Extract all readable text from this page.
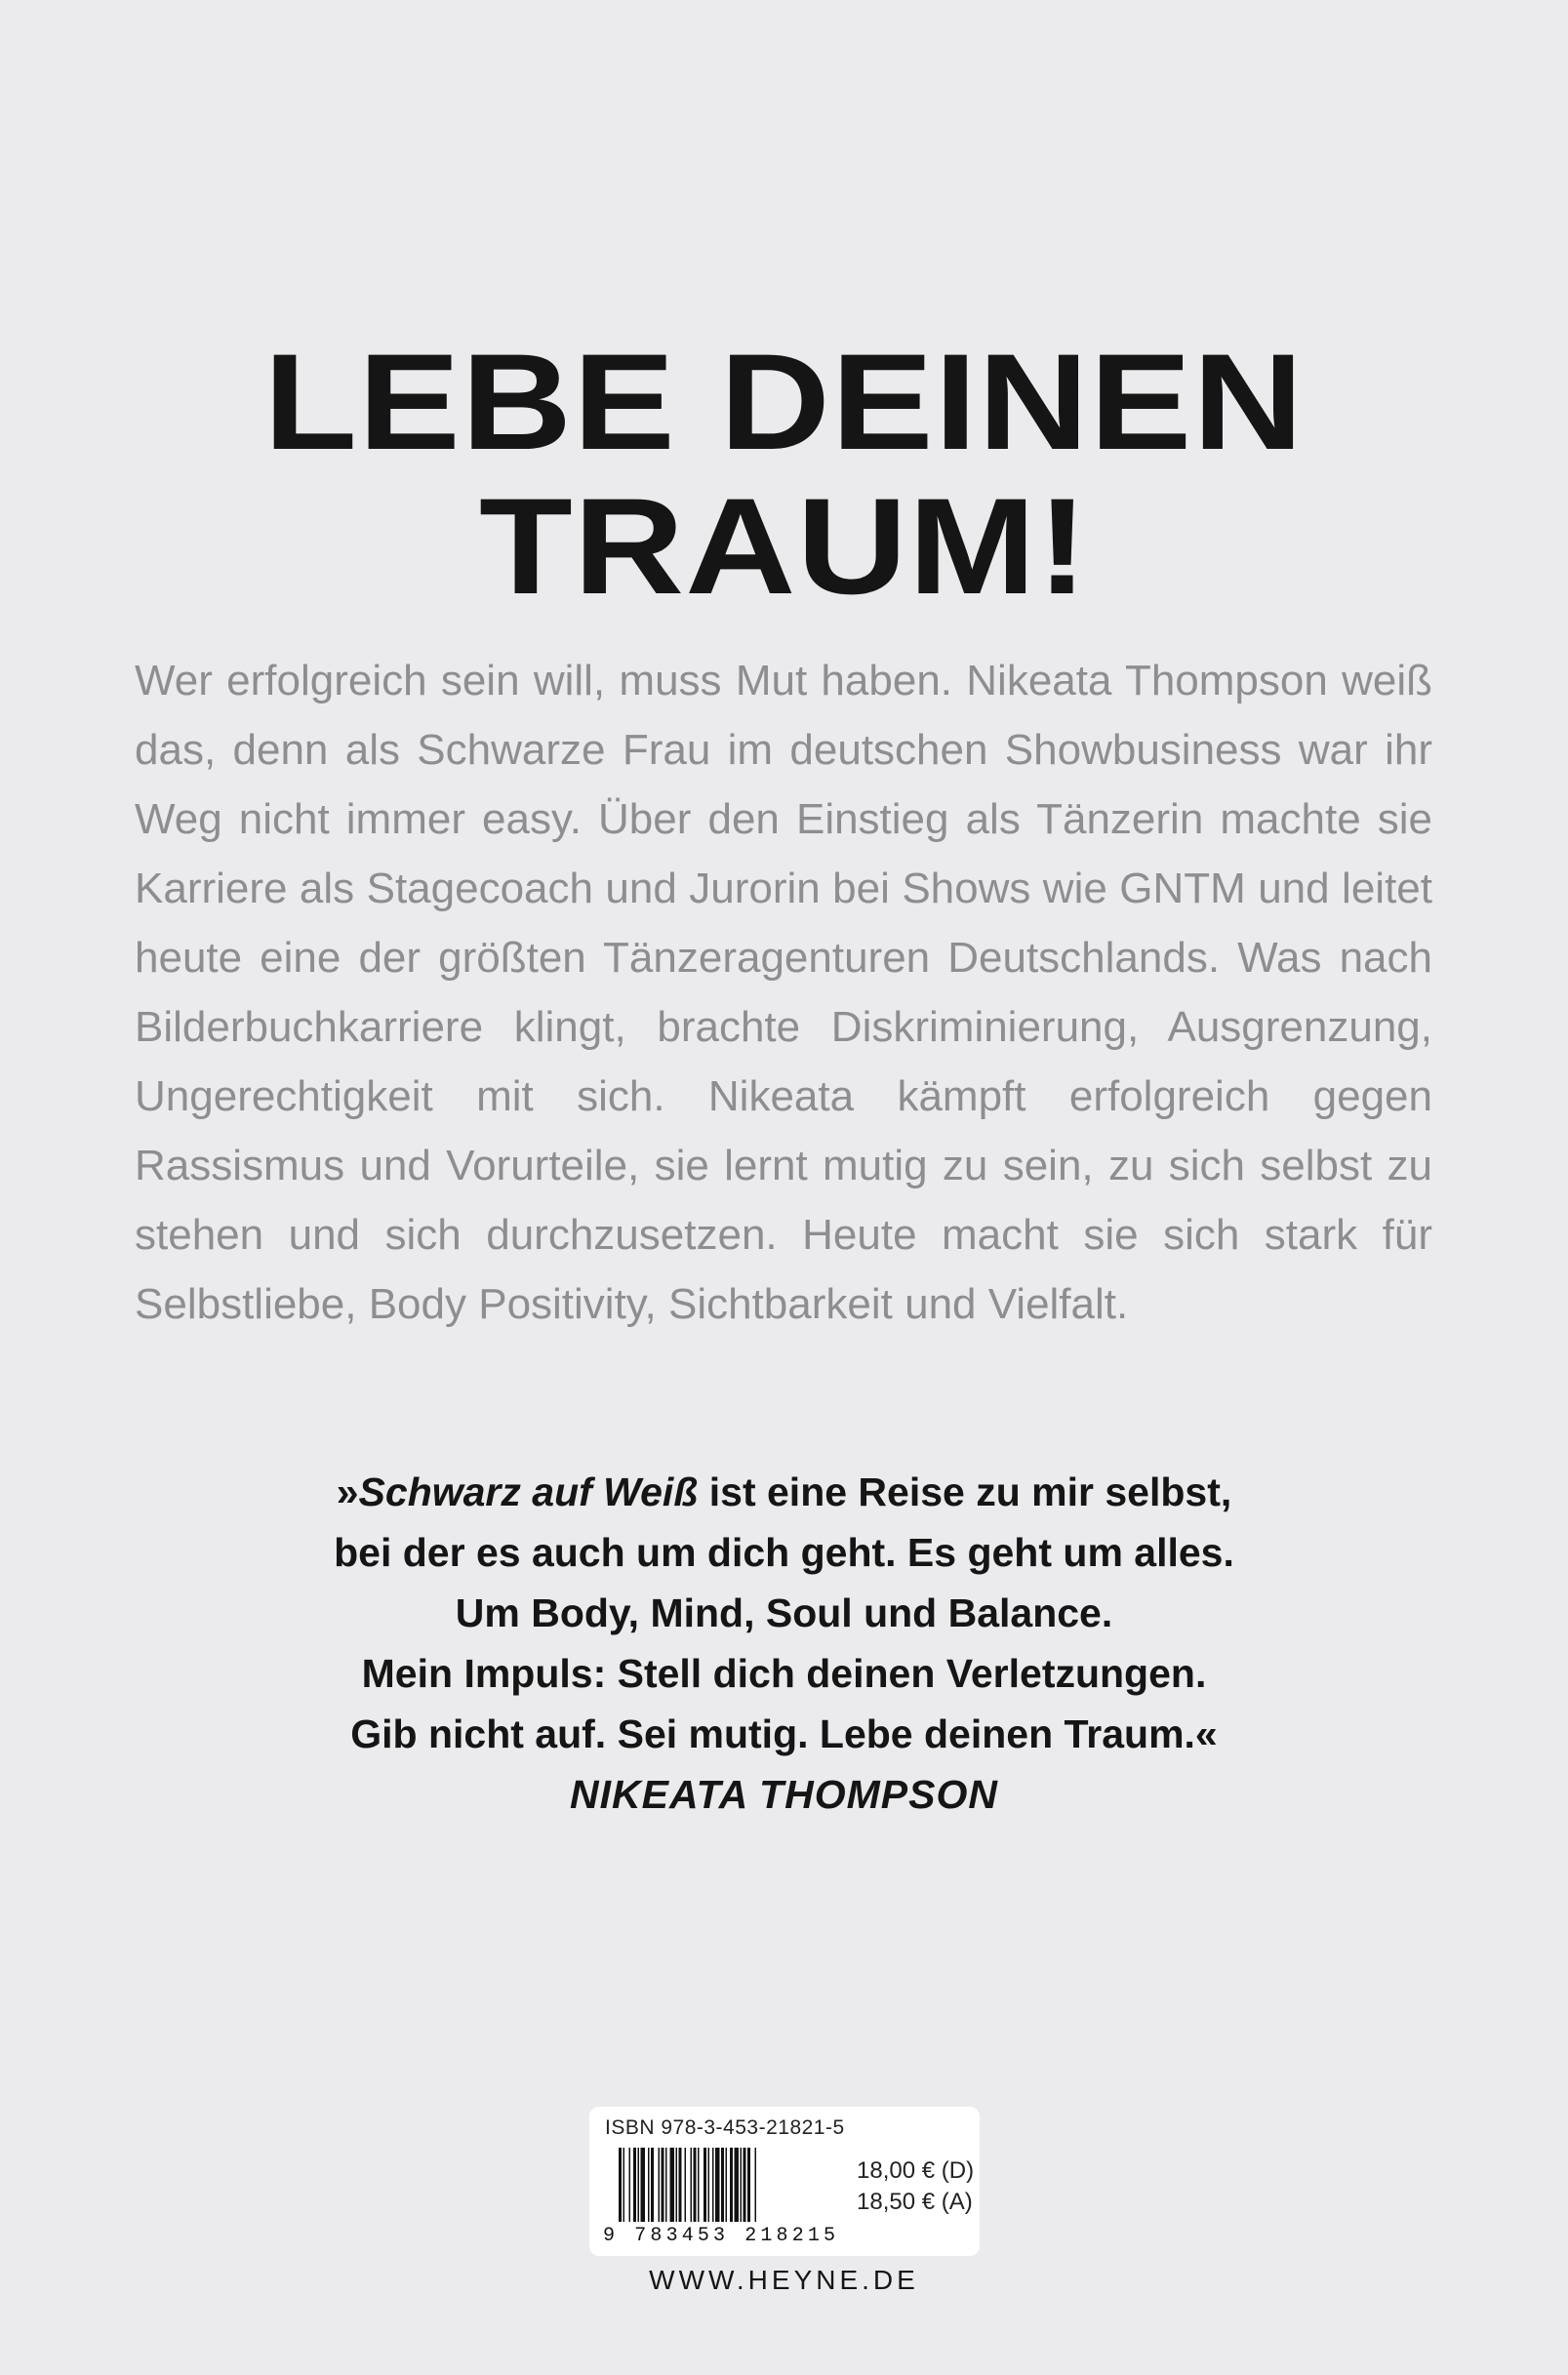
LEBE DEINEN
TRAUM!
Wer erfolgreich sein will, muss Mut haben. Nikeata Thompson weiß das, denn als Schwarze Frau im deutschen Showbusiness war ihr Weg nicht immer easy. Über den Einstieg als Tänzerin machte sie Karriere als Stagecoach und Jurorin bei Shows wie GNTM und leitet heute eine der größten Tänzeragenturen Deutschlands. Was nach Bilderbuchkarriere klingt, brachte Diskriminierung, Ausgrenzung, Ungerechtigkeit mit sich. Nikeata kämpft erfolgreich gegen Rassismus und Vorurteile, sie lernt mutig zu sein, zu sich selbst zu stehen und sich durchzusetzen. Heute macht sie sich stark für Selbstliebe, Body Positivity, Sichtbarkeit und Vielfalt.
»Schwarz auf Weiß ist eine Reise zu mir selbst,
bei der es auch um dich geht. Es geht um alles.
Um Body, Mind, Soul und Balance.
Mein Impuls: Stell dich deinen Verletzungen.
Gib nicht auf. Sei mutig. Lebe deinen Traum.«
NIKEATA THOMPSON
ISBN 978-3-453-21821-5
9 783453 218215
18,00 € (D)
18,50 € (A)
WWW.HEYNE.DE
